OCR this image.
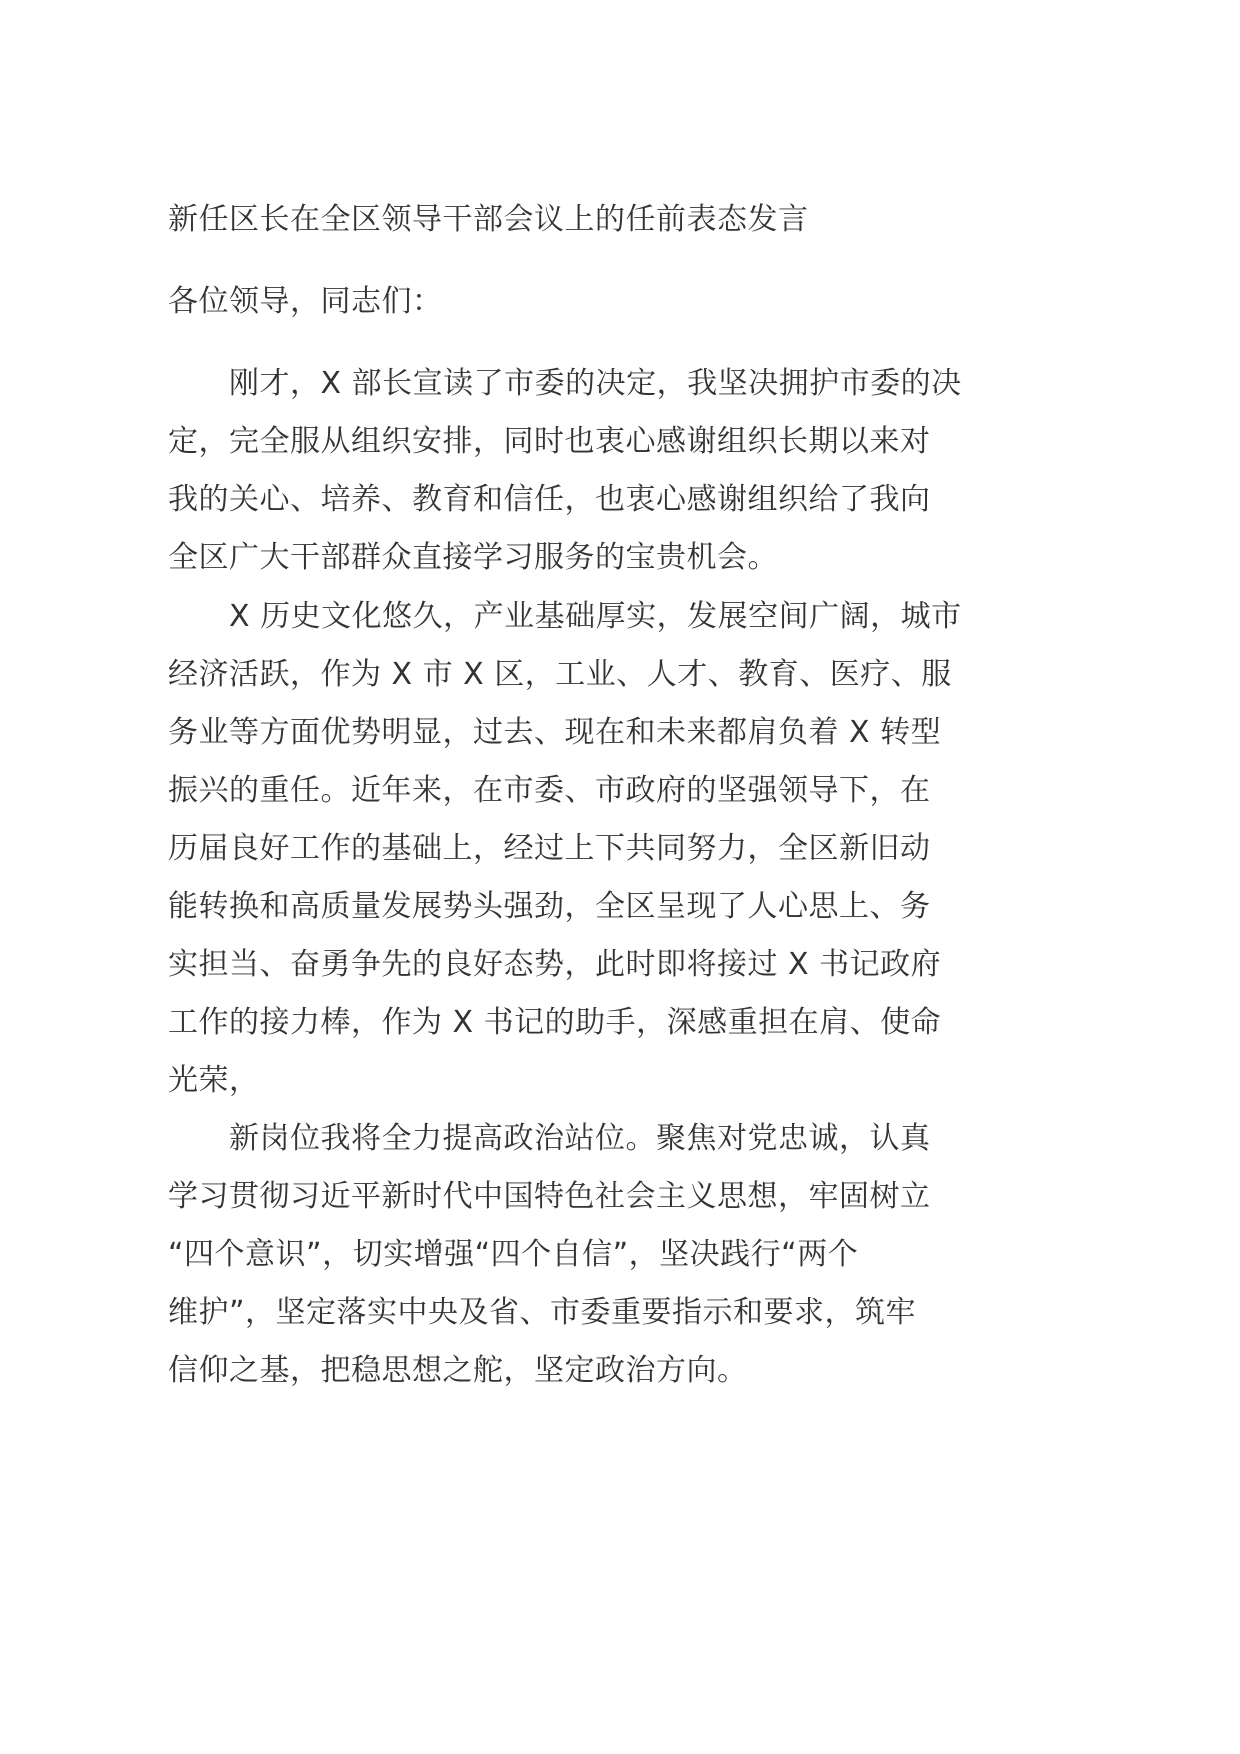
新任区长在全区领导干部会议上的任前表态发言
各位领导，同志们：
　　刚才，X 部长宣读了市委的决定，我坚决拥护市委的决
定，完全服从组织安排，同时也衷心感谢组织长期以来对
我的关心、培养、教育和信任，也衷心感谢组织给了我向
全区广大干部群众直接学习服务的宝贵机会。
　　X 历史文化悠久，产业基础厚实，发展空间广阔，城市
经济活跃，作为 X 市 X 区，工业、人才、教育、医疗、服
务业等方面优势明显，过去、现在和未来都肩负着 X 转型
振兴的重任。近年来，在市委、市政府的坚强领导下，在
历届良好工作的基础上，经过上下共同努力，全区新旧动
能转换和高质量发展势头强劲，全区呈现了人心思上、务
实担当、奋勇争先的良好态势，此时即将接过 X 书记政府
工作的接力棒，作为 X 书记的助手，深感重担在肩、使命
光荣，
　　新岗位我将全力提高政治站位。聚焦对党忠诚，认真
学习贯彻习近平新时代中国特色社会主义思想，牢固树立
“四个意识”，切实增强“四个自信”，坚决践行“两个
维护”，坚定落实中央及省、市委重要指示和要求，筑牢
信仰之基，把稳思想之舵，坚定政治方向。
